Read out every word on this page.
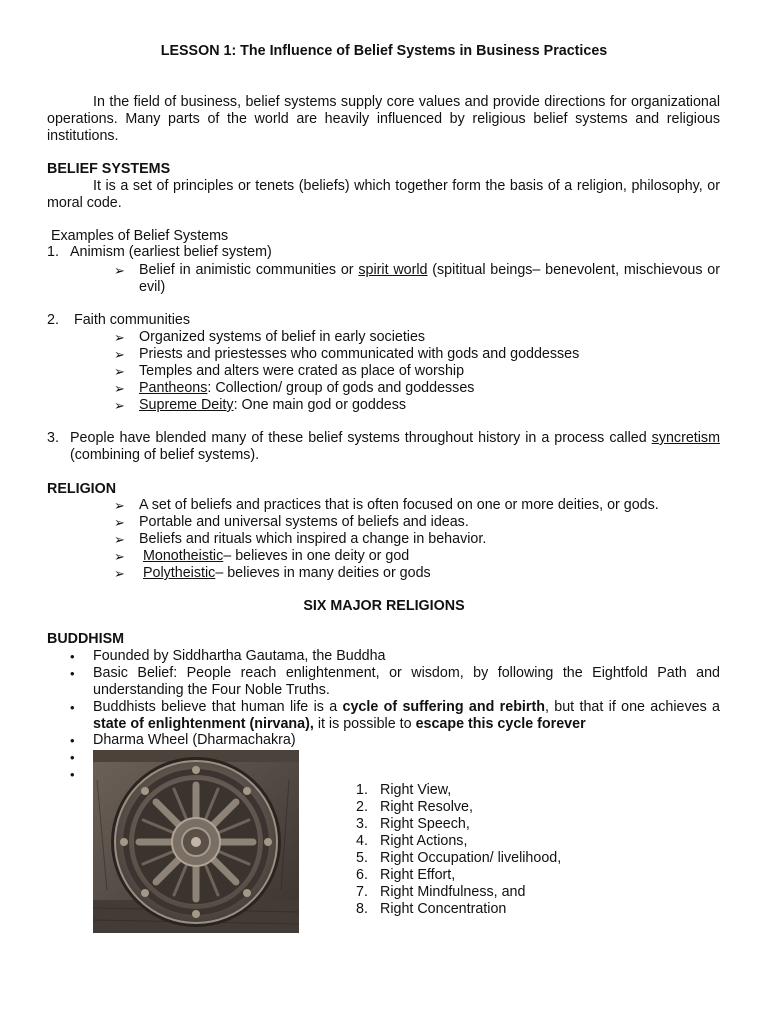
LESSON 1: The Influence of Belief Systems in Business Practices
In the field of business, belief systems supply core values and provide directions for organizational operations. Many parts of the world are heavily influenced by religious belief systems and religious institutions.
BELIEF SYSTEMS
It is a set of principles or tenets (beliefs) which together form the basis of a religion, philosophy, or moral code.
Examples of Belief Systems
1. Animism (earliest belief system)
➢ Belief in animistic communities or spirit world (spititual beings– benevolent, mischievous or evil)
2. Faith communities
➢ Organized systems of belief in early societies
➢ Priests and priestesses who communicated with gods and goddesses
➢ Temples and alters were crated as place of worship
➢ Pantheons: Collection/ group of gods and goddesses
➢ Supreme Deity: One main god or goddess
3. People have blended many of these belief systems throughout history in a process called syncretism (combining of belief systems).
RELIGION
➢ A set of beliefs and practices that is often focused on one or more deities, or gods.
➢ Portable and universal systems of beliefs and ideas.
➢ Beliefs and rituals which inspired a change in behavior.
➢ Monotheistic– believes in one deity or god
➢ Polytheistic– believes in many deities or gods
SIX MAJOR RELIGIONS
BUDDHISM
• Founded by Siddhartha Gautama, the Buddha
• Basic Belief: People reach enlightenment, or wisdom, by following the Eightfold Path and understanding the Four Noble Truths.
• Buddhists believe that human life is a cycle of suffering and rebirth, but that if one achieves a state of enlightenment (nirvana), it is possible to escape this cycle forever
• Dharma Wheel (Dharmachakra)
•
•
1. Right View,
2. Right Resolve,
3. Right Speech,
4. Right Actions,
5. Right Occupation/ livelihood,
6. Right Effort,
7. Right Mindfulness, and
8. Right Concentration
